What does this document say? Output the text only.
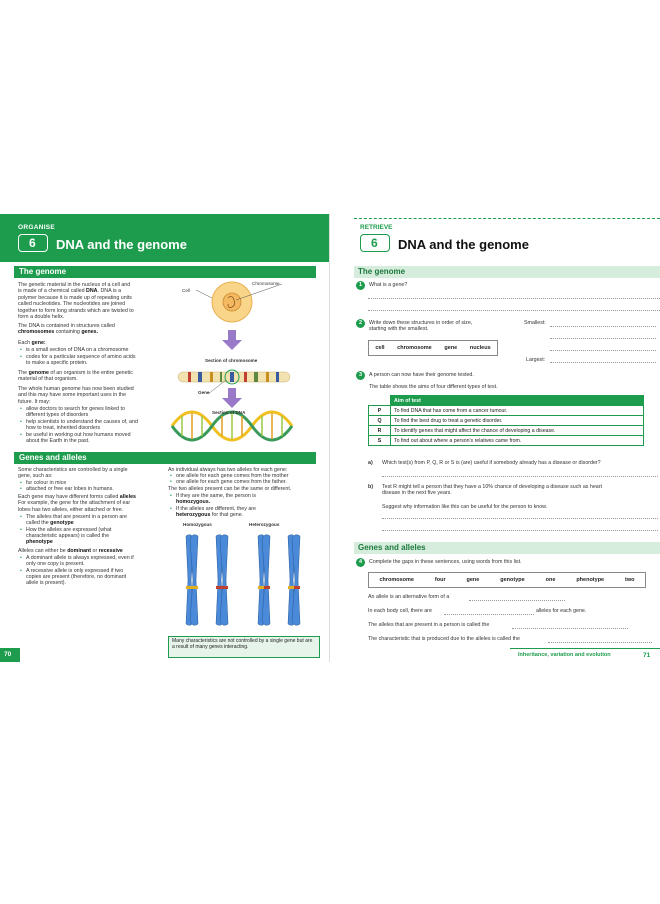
ORGANISE
6 DNA and the genome
The genome
The genetic material in the nucleus of a cell and
is made of a chemical called DNA. DNA is a
polymer because it is made up of repeating units
called nucleotides. The nucleotides are joined
together to form long strands which are twisted to
form a double helix.
The DNA is contained in structures called
chromosomes containing genes.
Each gene:
• is a small section of DNA on a chromosome
• codes for a particular sequence of amino acids
to make a specific protein.
The genome of an organism is the entire genetic
material of that organism.
The whole human genome has now been studied
and this may have some important uses in the
future. It may:
• allow doctors to search for genes linked to
different types of disorders
• help scientists to understand the causes of, and
how to treat, inherited disorders
• be useful in working out how humans moved
about the Earth in the past.
Chromosome
Cell
Section of chromosome
Gene
Section of DNA
Genes and alleles
Some characteristics are controlled by a single
gene, such as:
• fur colour in mice
• attached or free ear lobes in humans.
Each gene may have different forms called alleles
For example, the gene for the attachment of ear
lobes has two alleles, either attached or free.
• The alleles that are present in a person are
called the genotype
• How the alleles are expressed (what
characteristic appears) is called the
phenotype
Alleles can either be dominant or recessive
• A dominant allele is always expressed, even if
only one copy is present.
• A recessive allele is only expressed if two
copies are present (therefore, no dominant
allele is present).
An individual always has two alleles for each gene:
• one allele for each gene comes from the mother
• one allele for each gene comes from the father.
The two alleles present can be the same or different.
• If they are the same, the person is
homozygous.
• If the alleles are different, they are
heterozygous for that gene.
Homozygous	Heterozygous
Many characteristics are not controlled by a single gene but are a result of many genes interacting.
70
RETRIEVE
6 DNA and the genome
The genome
1	What is a gene?
2	Write down these structures in order of size,
starting with the smallest.
Smallest:
Largest:
cell chromosome gene nucleus
3	A person can now have their genome tested.
The table shows the aims of four different types of test.
	Aim of test
P	To find DNA that has come from a cancer tumour.
Q	To find the best drug to treat a genetic disorder.
R	To identify genes that might affect the chance of developing a disease.
S	To find out about where a person's relatives came from.
a) Which test(s) from P, Q, R or S is (are) useful if somebody already has a disease or disorder?
b) Test R might tell a person that they have a 10% chance of developing a disease such as heart
disease in the next five years.
Suggest why information like this can be useful for the person to know.
Genes and alleles
4	Complete the gaps in these sentences, using words from this list.
chromosome	four	gene	genotype	one	phenotype	two
An allele is an alternative form of a
In each body cell, there are	alleles for each gene.
The alleles that are present in a person is called the
The characteristic that is produced due to the alleles is called the
Inheritance, variation and evolution	71
